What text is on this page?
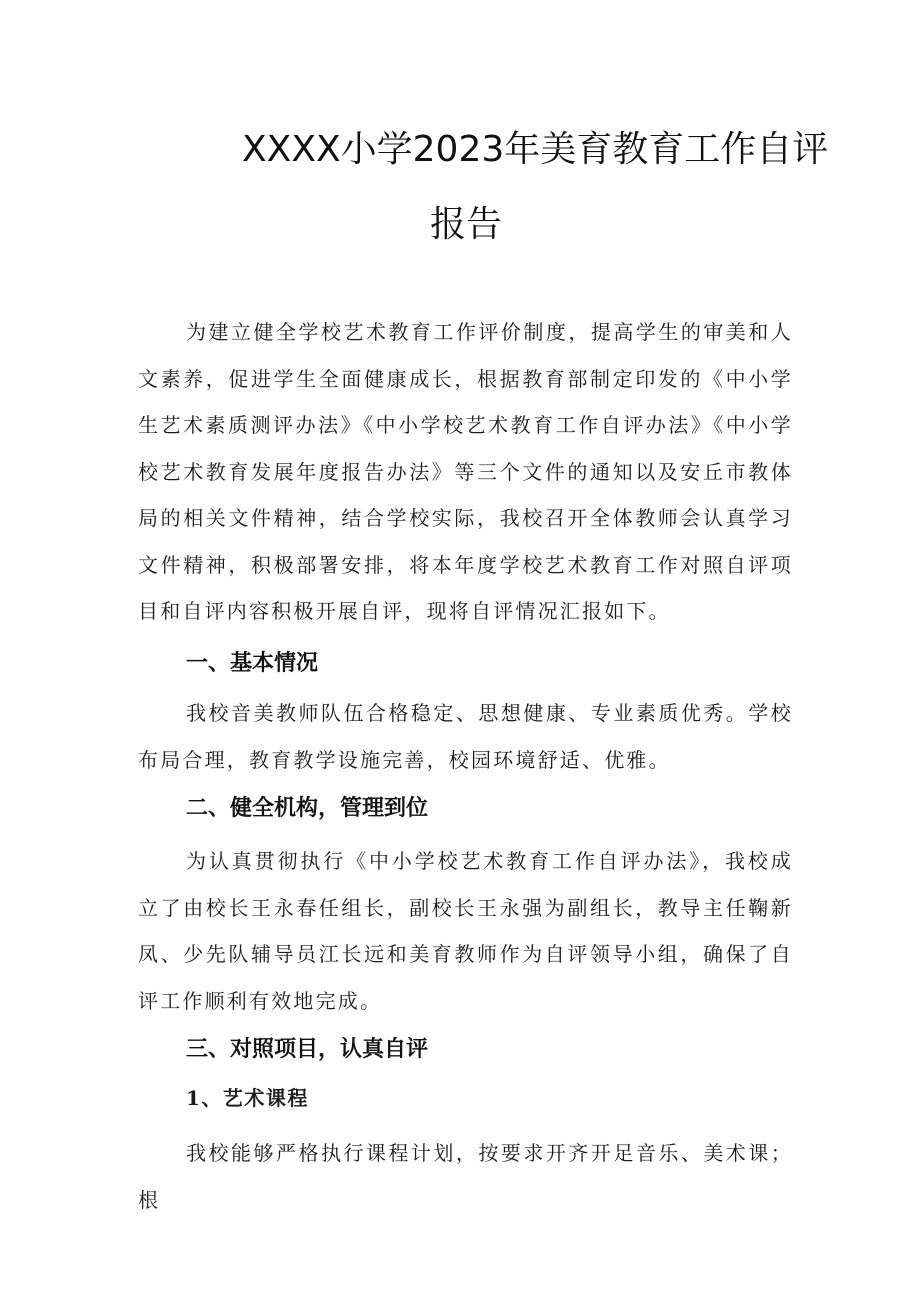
XXXX小学2023年美育教育工作自评
报告

为建立健全学校艺术教育工作评价制度，提高学生的审美和人文素养，促进学生全面健康成长，根据教育部制定印发的《中小学生艺术素质测评办法》《中小学校艺术教育工作自评办法》《中小学校艺术教育发展年度报告办法》等三个文件的通知以及安丘市教体局的相关文件精神，结合学校实际，我校召开全体教师会认真学习文件精神，积极部署安排，将本年度学校艺术教育工作对照自评项目和自评内容积极开展自评，现将自评情况汇报如下。

一、基本情况

我校音美教师队伍合格稳定、思想健康、专业素质优秀。学校布局合理，教育教学设施完善，校园环境舒适、优雅。

二、健全机构，管理到位

为认真贯彻执行《中小学校艺术教育工作自评办法》，我校成立了由校长王永春任组长，副校长王永强为副组长，教导主任鞠新凤、少先队辅导员江长远和美育教师作为自评领导小组，确保了自评工作顺利有效地完成。

三、对照项目，认真自评
1、艺术课程

我校能够严格执行课程计划，按要求开齐开足音乐、美术课；根
